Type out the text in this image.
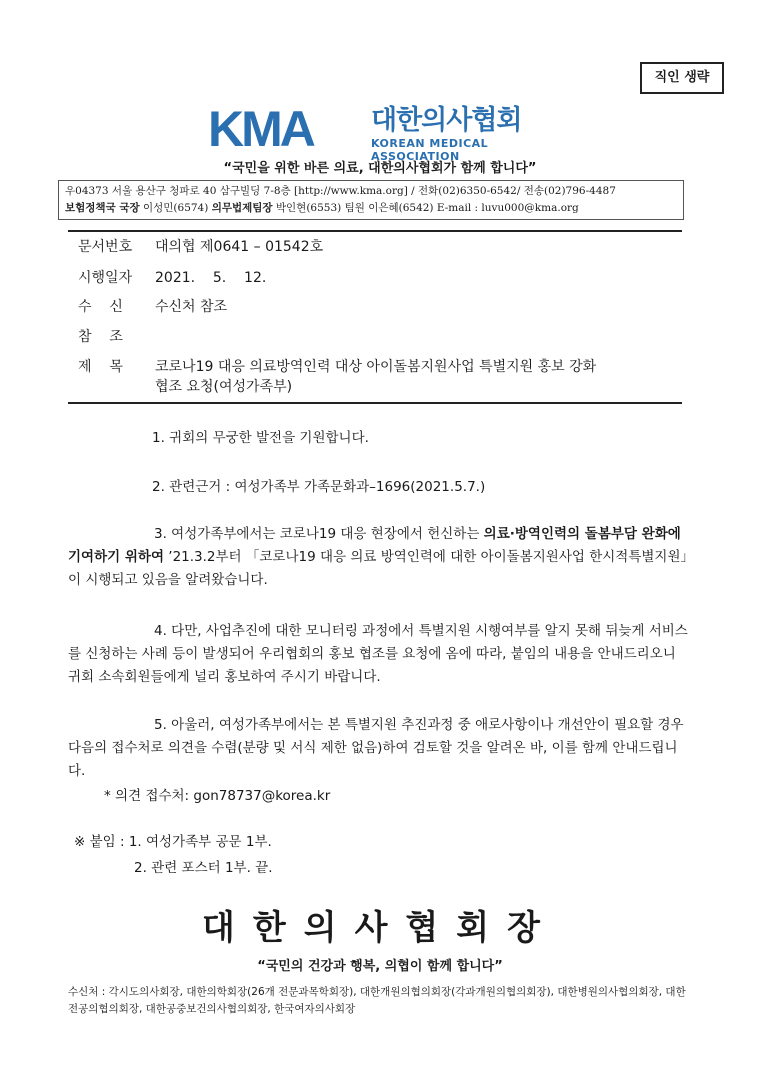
직인 생략
KMA 대한의사협회
KOREAN MEDICAL ASSOCIATION
“국민을 위한 바른 의료, 대한의사협회가 함께 합니다”
우04373 서울 용산구 청파로 40 삼구빌딩 7-8층 [http://www.kma.org] / 전화(02)6350-6542/ 전송(02)796-4487
보험정책국 국장 이성민(6574) 의무법제팀장 박인현(6553) 팀원 이은혜(6542) E-mail : luvu000@kma.org
문서번호 대의협 제0641 – 01542호
시행일자 2021.    5.    12.
수    신 수신처 참조
참    조
제    목 코로나19 대응 의료방역인력 대상 아이돌봄지원사업 특별지원 홍보 강화
협조 요청(여성가족부)
1. 귀회의 무궁한 발전을 기원합니다.
2. 관련근거 : 여성가족부 가족문화과–1696(2021.5.7.)
3. 여성가족부에서는 코로나19 대응 현장에서 헌신하는 의료·방역인력의 돌봄부담 완화에 기여하기 위하여 ’21.3.2부터 「코로나19 대응 의료 방역인력에 대한 아이돌봄지원사업 한시적특별지원」이 시행되고 있음을 알려왔습니다.
4. 다만, 사업추진에 대한 모니터링 과정에서 특별지원 시행여부를 알지 못해 뒤늦게 서비스를 신청하는 사례 등이 발생되어 우리협회의 홍보 협조를 요청에 옴에 따라, 붙임의 내용을 안내드리오니 귀회 소속회원들에게 널리 홍보하여 주시기 바랍니다.
5. 아울러, 여성가족부에서는 본 특별지원 추진과정 중 애로사항이나 개선안이 필요할 경우 다음의 접수처로 의견을 수렴(분량 및 서식 제한 없음)하여 검토할 것을 알려온 바, 이를 함께 안내드립니다.
* 의견 접수처: gon78737@korea.kr
※ 붙임 : 1. 여성가족부 공문 1부.
2. 관련 포스터 1부. 끝.
대한의사협회장
“국민의 건강과 행복, 의협이 함께 합니다”
수신처 : 각시도의사회장, 대한의학회장(26개 전문과목학회장), 대한개원의협의회장(각과개원의협의회장), 대한병원의사협의회장, 대한전공의협의회장, 대한공중보건의사협의회장, 한국여자의사회장
